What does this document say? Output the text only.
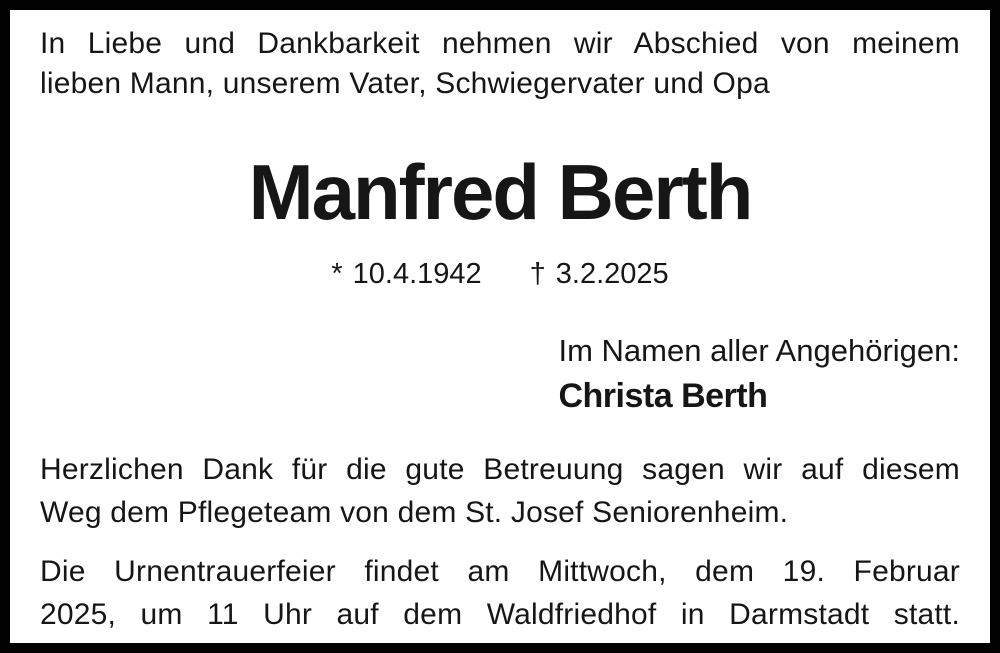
In Liebe und Dankbarkeit nehmen wir Abschied von meinem
lieben Mann, unserem Vater, Schwiegervater und Opa

Manfred Berth
* 10.4.1942 † 3.2.2025
Im Namen aller Angehörigen:
Christa Berth

Herzlichen Dank für die gute Betreuung sagen wir auf diesem
Weg dem Pflegeteam von dem St. Josef Seniorenheim.

Die Urnentrauerfeier findet am Mittwoch, dem 19. Februar
2025, um 11 Uhr auf dem Waldfriedhof in Darmstadt statt.
